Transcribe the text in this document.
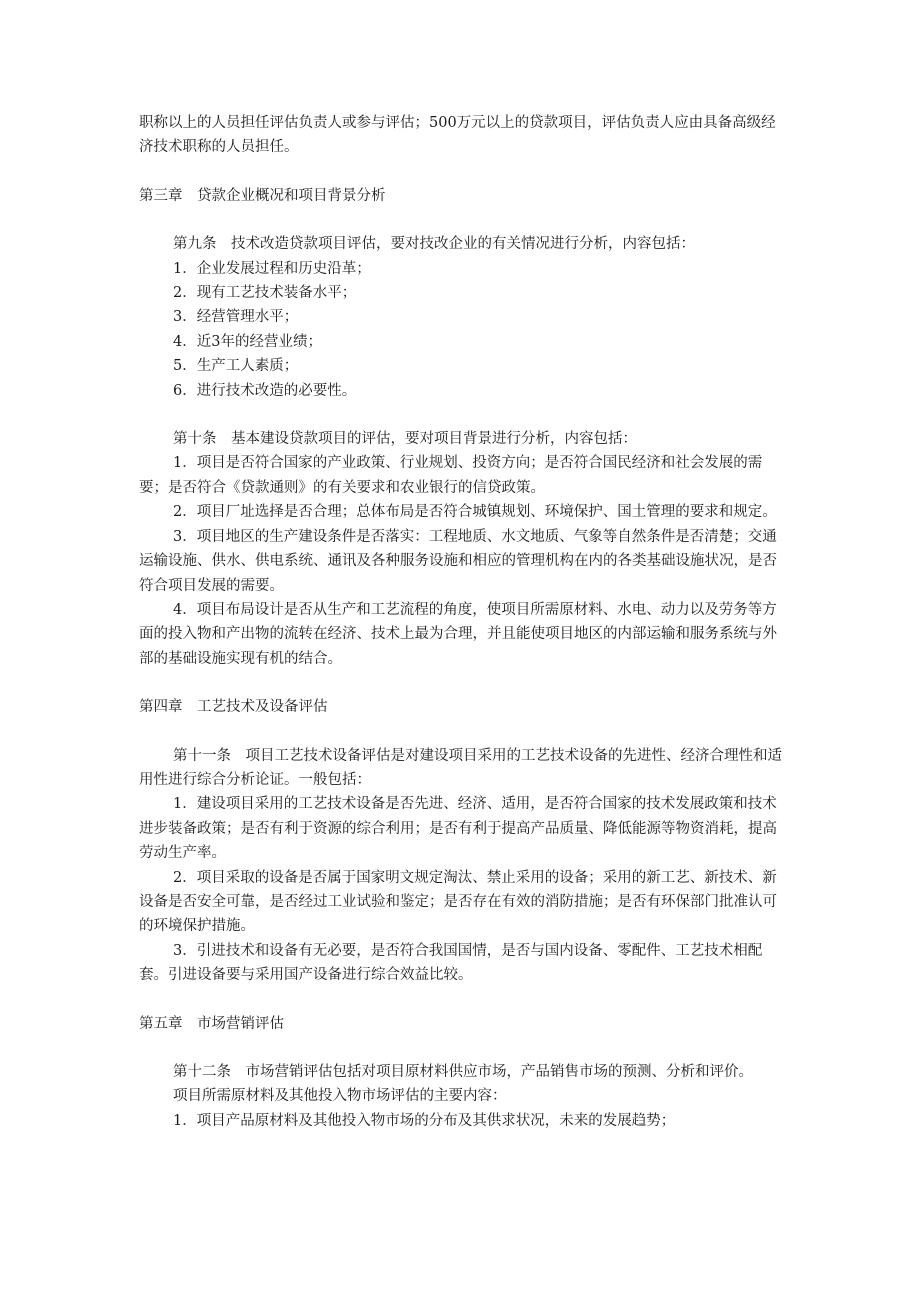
职称以上的人员担任评估负责人或参与评估；500万元以上的贷款项目，评估负责人应由具备高级经济技术职称的人员担任。

第三章　贷款企业概况和项目背景分析

第九条　技术改造贷款项目评估，要对技改企业的有关情况进行分析，内容包括：

1．企业发展过程和历史沿革；

2．现有工艺技术装备水平；

3．经营管理水平；

4．近3年的经营业绩；

5．生产工人素质；

6．进行技术改造的必要性。

第十条　基本建设贷款项目的评估，要对项目背景进行分析，内容包括：

1．项目是否符合国家的产业政策、行业规划、投资方向；是否符合国民经济和社会发展的需要；是否符合《贷款通则》的有关要求和农业银行的信贷政策。

2．项目厂址选择是否合理；总体布局是否符合城镇规划、环境保护、国土管理的要求和规定。

3．项目地区的生产建设条件是否落实：工程地质、水文地质、气象等自然条件是否清楚；交通运输设施、供水、供电系统、通讯及各种服务设施和相应的管理机构在内的各类基础设施状况，是否符合项目发展的需要。

4．项目布局设计是否从生产和工艺流程的角度，使项目所需原材料、水电、动力以及劳务等方面的投入物和产出物的流转在经济、技术上最为合理，并且能使项目地区的内部运输和服务系统与外部的基础设施实现有机的结合。

第四章　工艺技术及设备评估

第十一条　项目工艺技术设备评估是对建设项目采用的工艺技术设备的先进性、经济合理性和适用性进行综合分析论证。一般包括：

1．建设项目采用的工艺技术设备是否先进、经济、适用，是否符合国家的技术发展政策和技术进步装备政策；是否有利于资源的综合利用；是否有利于提高产品质量、降低能源等物资消耗，提高劳动生产率。

2．项目采取的设备是否属于国家明文规定淘汰、禁止采用的设备；采用的新工艺、新技术、新设备是否安全可靠，是否经过工业试验和鉴定；是否存在有效的消防措施；是否有环保部门批准认可的环境保护措施。

3．引进技术和设备有无必要，是否符合我国国情，是否与国内设备、零配件、工艺技术相配套。引进设备要与采用国产设备进行综合效益比较。

第五章　市场营销评估

第十二条　市场营销评估包括对项目原材料供应市场，产品销售市场的预测、分析和评价。

项目所需原材料及其他投入物市场评估的主要内容：

1．项目产品原材料及其他投入物市场的分布及其供求状况，未来的发展趋势；
